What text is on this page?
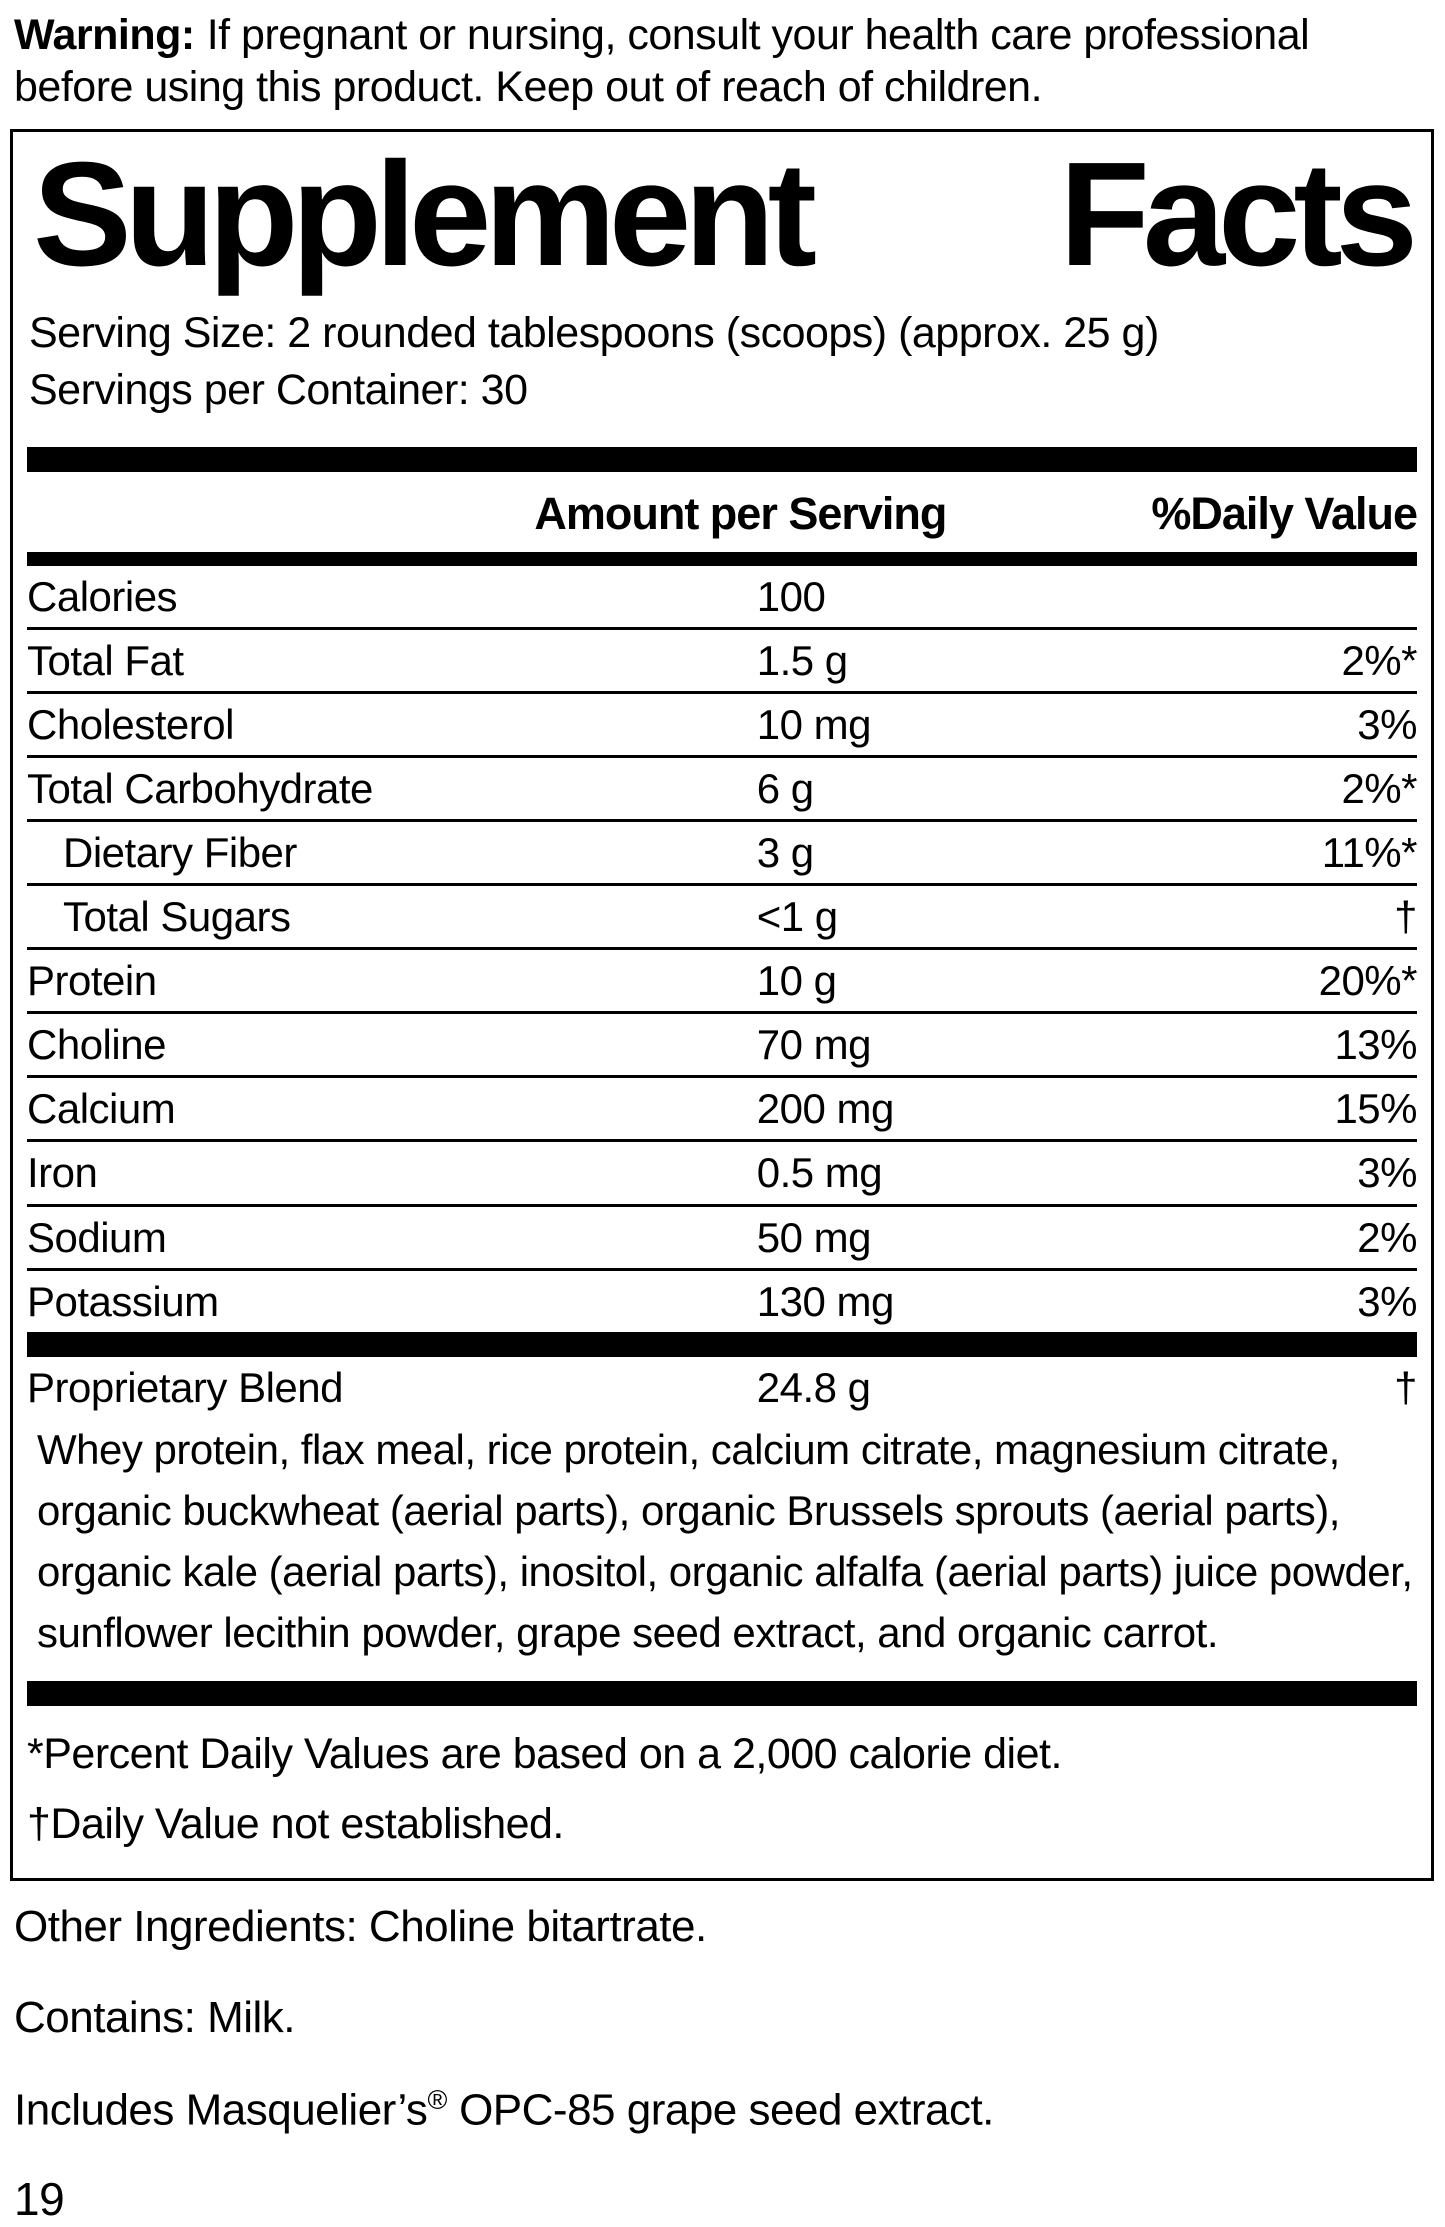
Warning: If pregnant or nursing, consult your health care professional before using this product. Keep out of reach of children.

Supplement Facts
Serving Size: 2 rounded tablespoons (scoops) (approx. 25 g)
Servings per Container: 30
Amount per Serving	%Daily Value
Calories	100
Total Fat	1.5 g	2%*
Cholesterol	10 mg	3%
Total Carbohydrate	6 g	2%*
Dietary Fiber	3 g	11%*
Total Sugars	<1 g	†
Protein	10 g	20%*
Choline	70 mg	13%
Calcium	200 mg	15%
Iron	0.5 mg	3%
Sodium	50 mg	2%
Potassium	130 mg	3%
Proprietary Blend	24.8 g	†

Whey protein, flax meal, rice protein, calcium citrate, magnesium citrate, organic buckwheat (aerial parts), organic Brussels sprouts (aerial parts), organic kale (aerial parts), inositol, organic alfalfa (aerial parts) juice powder, sunflower lecithin powder, grape seed extract, and organic carrot.

*Percent Daily Values are based on a 2,000 calorie diet.
†Daily Value not established.

Other Ingredients: Choline bitartrate.

Contains: Milk.

Includes Masquelier’s® OPC-85 grape seed extract.

19
